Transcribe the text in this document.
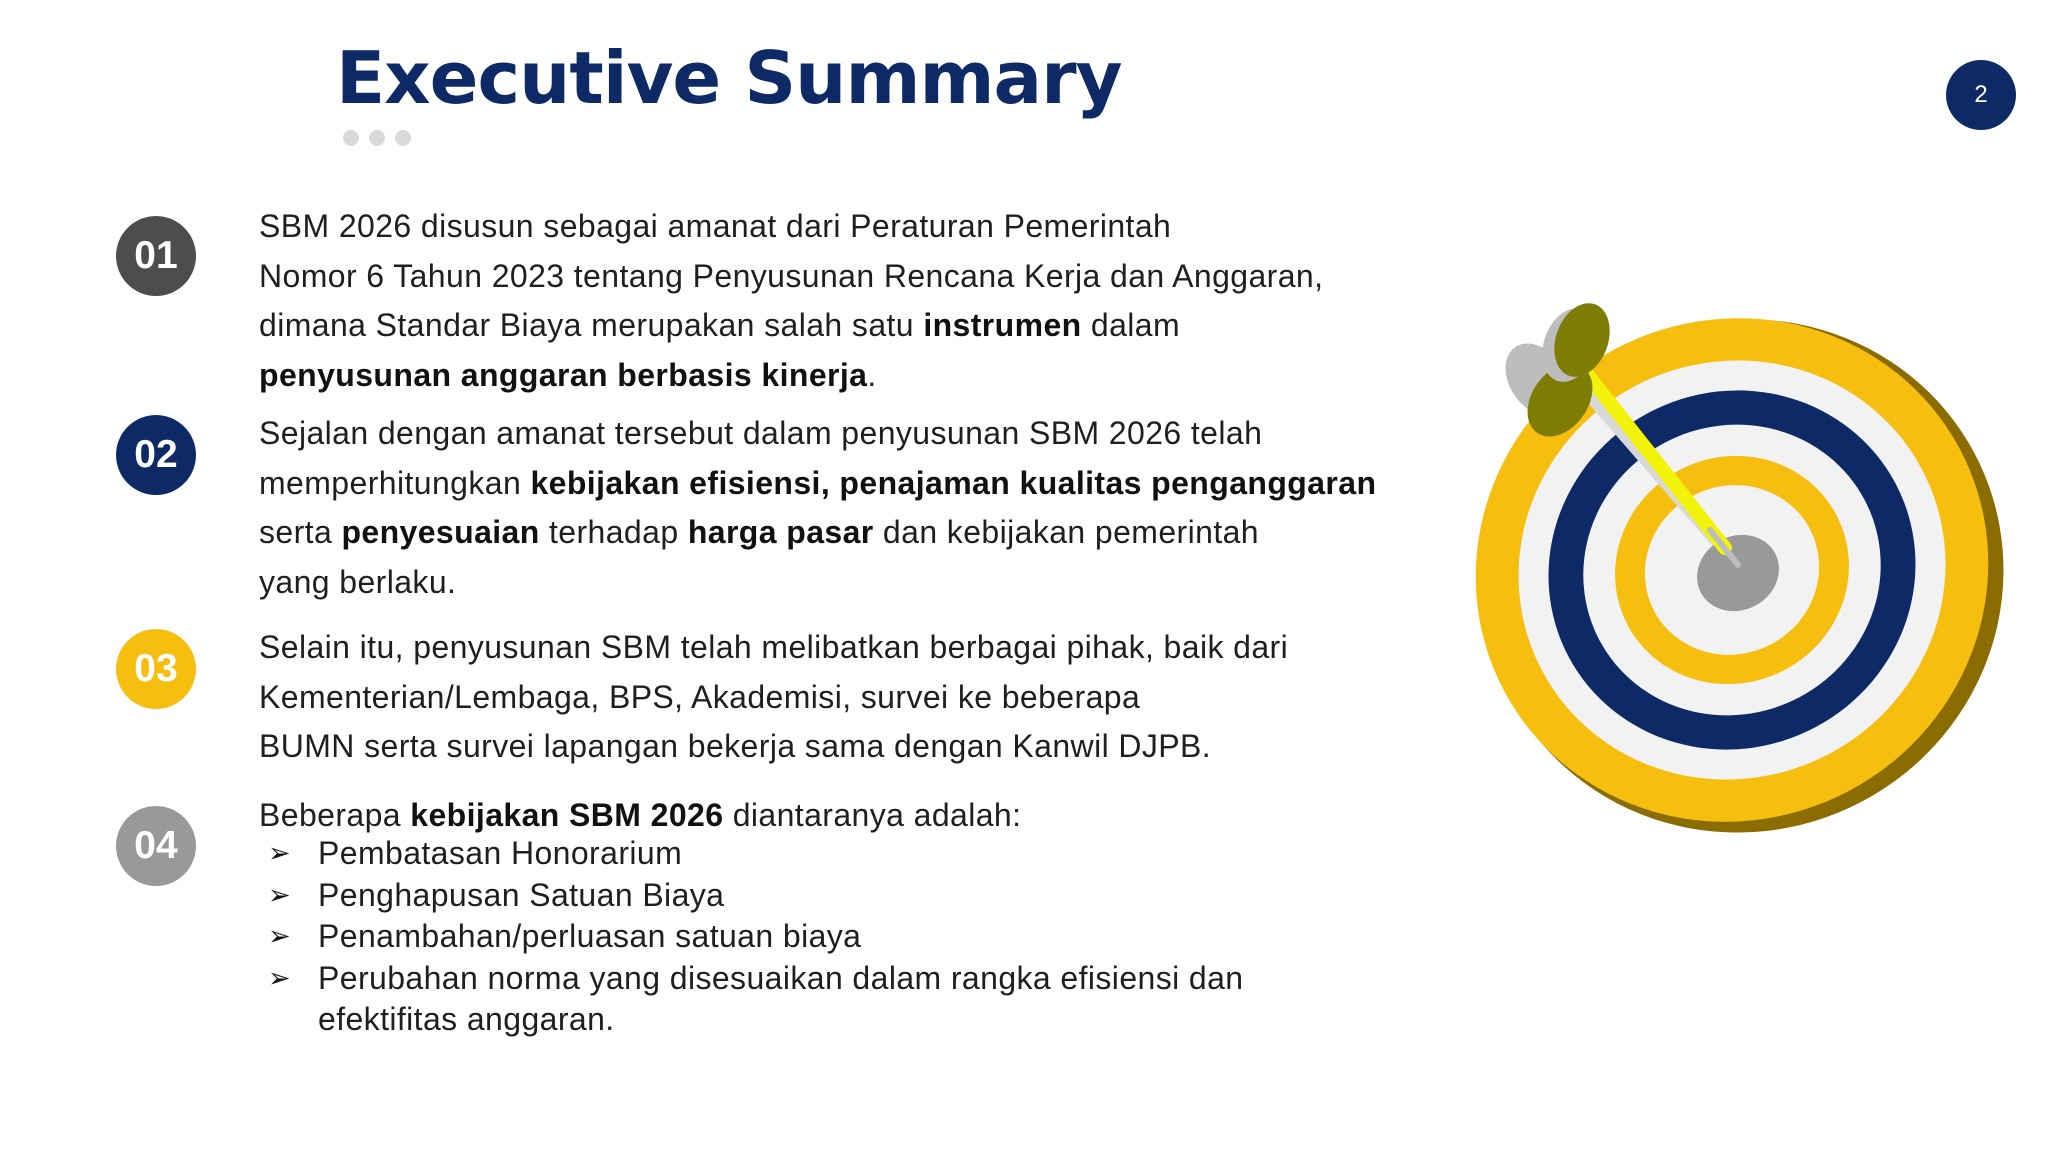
Executive Summary	2
01

SBM 2026 disusun sebagai amanat dari Peraturan Pemerintah
Nomor 6 Tahun 2023 tentang Penyusunan Rencana Kerja dan Anggaran,
dimana Standar Biaya merupakan salah satu instrumen dalam
penyusunan anggaran berbasis kinerja.

02	Sejalan dengan amanat tersebut dalam penyusunan SBM 2026 telah
memperhitungkan kebijakan efisiensi, penajaman kualitas penganggaran
serta penyesuaian terhadap harga pasar dan kebijakan pemerintah
yang berlaku.

03	Selain itu, penyusunan SBM telah melibatkan berbagai pihak, baik dari
Kementerian/Lembaga, BPS, Akademisi, survei ke beberapa
BUMN serta survei lapangan bekerja sama dengan Kanwil DJPB.

04

Beberapa kebijakan SBM 2026 diantaranya adalah:

➢ Pembatasan Honorarium
➢ Penghapusan Satuan Biaya
➢ Penambahan/perluasan satuan biaya
➢ Perubahan norma yang disesuaikan dalam rangka efisiensi dan efektifitas anggaran.
